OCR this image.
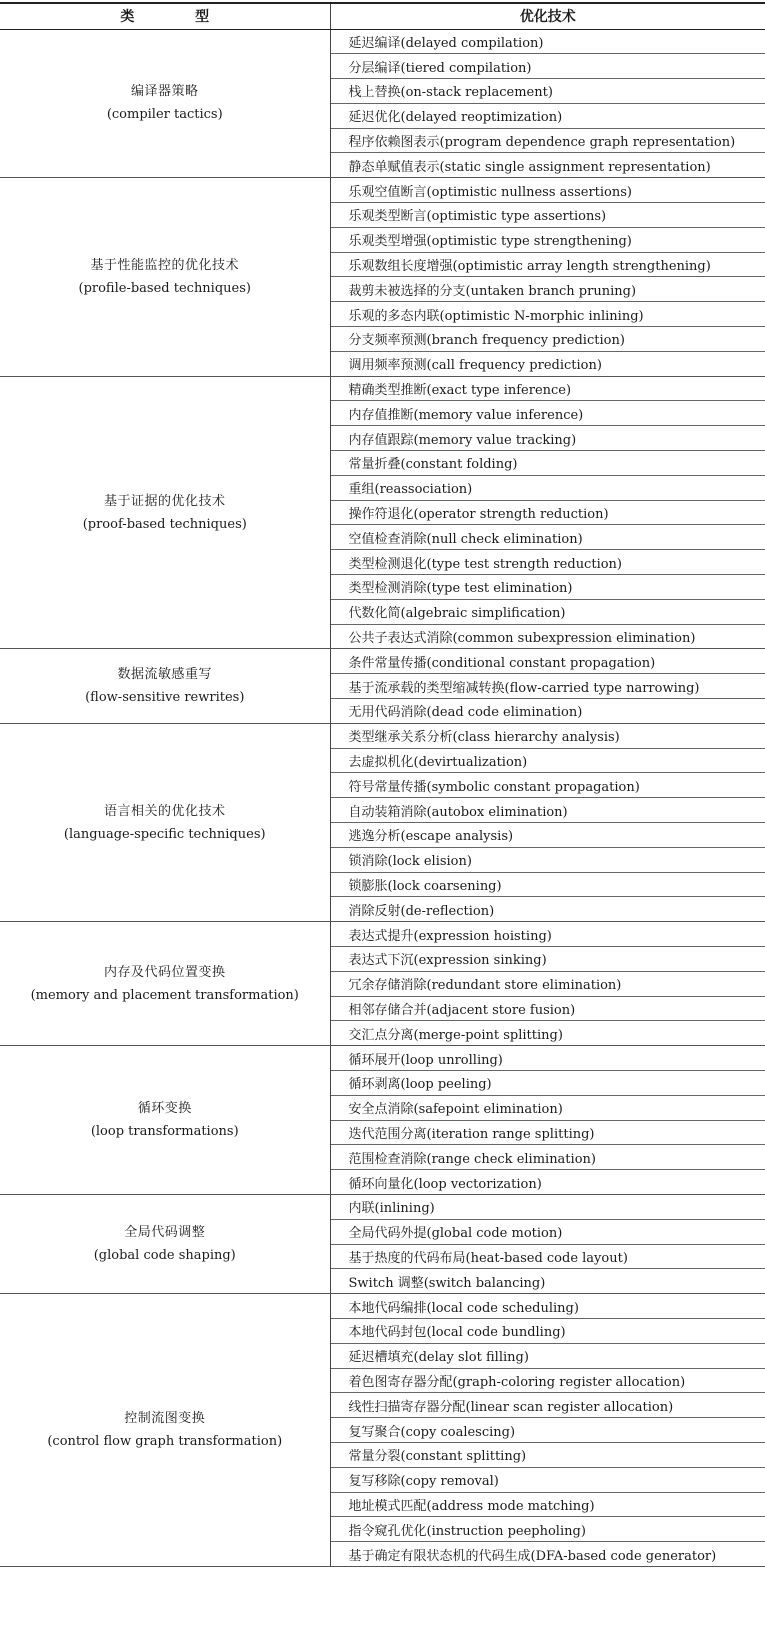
类 型	优化技术

编译器策略
(compiler tactics)	延迟编译(delayed compilation)
	分层编译(tiered compilation)
	栈上替换(on-stack replacement)
	延迟优化(delayed reoptimization)
	程序依赖图表示(program dependence graph representation)
	静态单赋值表示(static single assignment representation)

基于性能监控的优化技术
(profile-based techniques)	乐观空值断言(optimistic nullness assertions)
	乐观类型断言(optimistic type assertions)
	乐观类型增强(optimistic type strengthening)
	乐观数组长度增强(optimistic array length strengthening)
	裁剪未被选择的分支(untaken branch pruning)
	乐观的多态内联(optimistic N-morphic inlining)
	分支频率预测(branch frequency prediction)
	调用频率预测(call frequency prediction)

基于证据的优化技术
(proof-based techniques)	精确类型推断(exact type inference)
	内存值推断(memory value inference)
	内存值跟踪(memory value tracking)
	常量折叠(constant folding)
	重组(reassociation)
	操作符退化(operator strength reduction)
	空值检查消除(null check elimination)
	类型检测退化(type test strength reduction)
	类型检测消除(type test elimination)
	代数化简(algebraic simplification)
	公共子表达式消除(common subexpression elimination)

数据流敏感重写
(flow-sensitive rewrites)	条件常量传播(conditional constant propagation)
	基于流承载的类型缩减转换(flow-carried type narrowing)
	无用代码消除(dead code elimination)

语言相关的优化技术
(language-specific techniques)	类型继承关系分析(class hierarchy analysis)
	去虚拟机化(devirtualization)
	符号常量传播(symbolic constant propagation)
	自动装箱消除(autobox elimination)
	逃逸分析(escape analysis)
	锁消除(lock elision)
	锁膨胀(lock coarsening)
	消除反射(de-reflection)

内存及代码位置变换
(memory and placement transformation)	表达式提升(expression hoisting)
	表达式下沉(expression sinking)
	冗余存储消除(redundant store elimination)
	相邻存储合并(adjacent store fusion)
	交汇点分离(merge-point splitting)

循环变换
(loop transformations)	循环展开(loop unrolling)
	循环剥离(loop peeling)
	安全点消除(safepoint elimination)
	迭代范围分离(iteration range splitting)
	范围检查消除(range check elimination)
	循环向量化(loop vectorization)

全局代码调整
(global code shaping)	内联(inlining)
	全局代码外提(global code motion)
	基于热度的代码布局(heat-based code layout)
	Switch 调整(switch balancing)

控制流图变换
(control flow graph transformation)	本地代码编排(local code scheduling)
	本地代码封包(local code bundling)
	延迟槽填充(delay slot filling)
	着色图寄存器分配(graph-coloring register allocation)
	线性扫描寄存器分配(linear scan register allocation)
	复写聚合(copy coalescing)
	常量分裂(constant splitting)
	复写移除(copy removal)
	地址模式匹配(address mode matching)
	指令窥孔优化(instruction peepholing)
	基于确定有限状态机的代码生成(DFA-based code generator)
